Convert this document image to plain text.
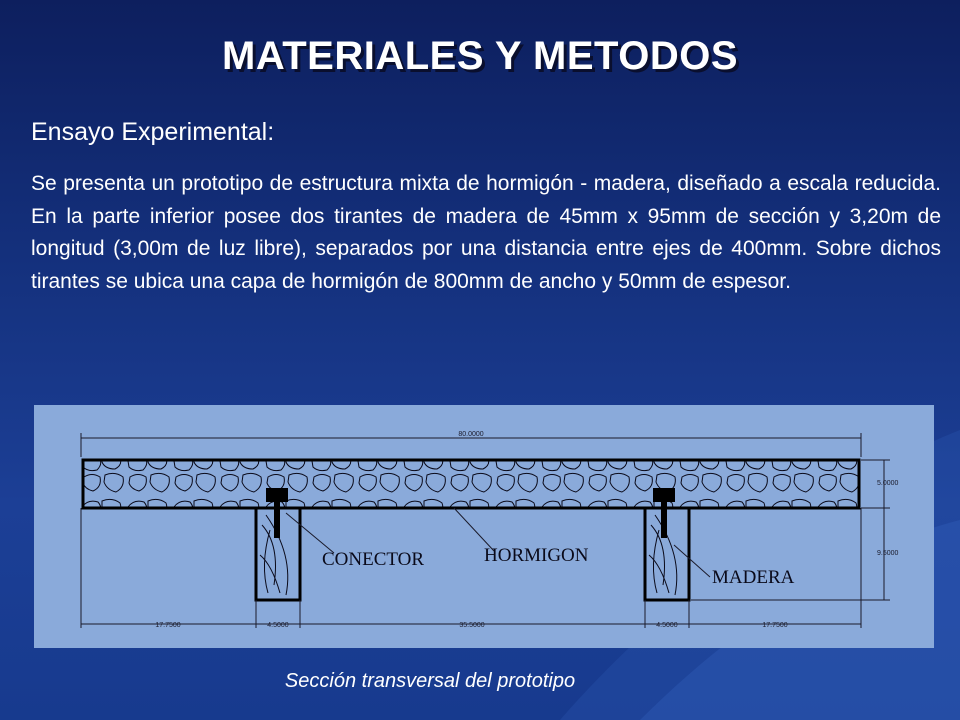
MATERIALES Y METODOS
Ensayo Experimental:
Se presenta un prototipo de estructura mixta de hormigón - madera, diseñado a escala reducida. En la parte inferior posee dos tirantes de madera de 45mm x 95mm de sección y 3,20m de longitud (3,00m de luz libre), separados por una distancia entre ejes de 400mm. Sobre dichos tirantes se ubica una capa de hormigón de 800mm de ancho y 50mm de espesor.
80.0000
CONECTOR	HORMIGON
MADERA
5.0000
9.5000
17.7500	4.5000	35.5000	4.5000	17.7500
Sección transversal del prototipo
